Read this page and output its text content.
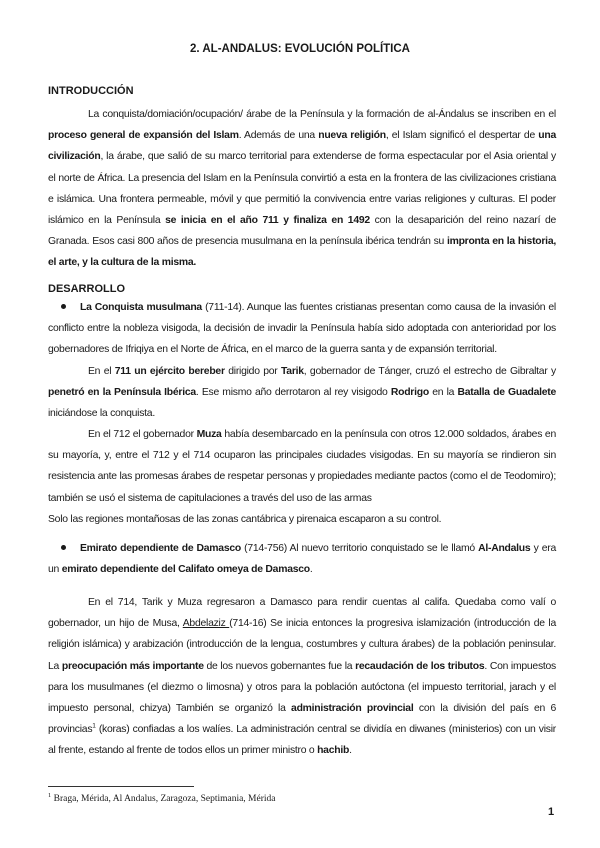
2. AL-ANDALUS: EVOLUCIÓN POLÍTICA
INTRODUCCIÓN
La conquista/domiación/ocupación/ árabe de la Península y la formación de al-Ándalus se inscriben en el proceso general de expansión del Islam. Además de una nueva religión, el Islam significó el despertar de una civilización, la árabe, que salió de su marco territorial para extenderse de forma espectacular por el Asia oriental y el norte de África. La presencia del Islam en la Península convirtió a esta en la frontera de las civilizaciones cristiana e islámica. Una frontera permeable, móvil y que permitió la convivencia entre varias religiones y culturas. El poder islámico en la Península se inicia en el año 711 y finaliza en 1492 con la desaparición del reino nazarí de Granada. Esos casi 800 años de presencia musulmana en la península ibérica tendrán su impronta en la historia, el arte, y la cultura de la misma.
DESARROLLO
La Conquista musulmana (711-14). Aunque las fuentes cristianas presentan como causa de la invasión el conflicto entre la nobleza visigoda, la decisión de invadir la Península había sido adoptada con anterioridad por los gobernadores de Ifriqiya en el Norte de África, en el marco de la guerra santa y de expansión territorial.
En el 711 un ejército bereber dirigido por Tarik, gobernador de Tánger, cruzó el estrecho de Gibraltar y penetró en la Península Ibérica. Ese mismo año derrotaron al rey visigodo Rodrigo en la Batalla de Guadalete iniciándose la conquista.
En el 712 el gobernador Muza había desembarcado en la península con otros 12.000 soldados, árabes en su mayoría, y, entre el 712 y el 714 ocuparon las principales ciudades visigodas. En su mayoría se rindieron sin resistencia ante las promesas árabes de respetar personas y propiedades mediante pactos (como el de Teodomiro); también se usó el sistema de capitulaciones a través del uso de las armas
Solo las regiones montañosas de las zonas cantábrica y pirenaica escaparon a su control.
Emirato dependiente de Damasco (714-756) Al nuevo territorio conquistado se le llamó Al-Andalus y era un emirato dependiente del Califato omeya de Damasco.
En el 714, Tarik y Muza regresaron a Damasco para rendir cuentas al califa. Quedaba como valí o gobernador, un hijo de Musa, Abdelaziz (714-16) Se inicia entonces la progresiva islamización (introducción de la religión islámica) y arabización (introducción de la lengua, costumbres y cultura árabes) de la población peninsular. La preocupación más importante de los nuevos gobernantes fue la recaudación de los tributos. Con impuestos para los musulmanes (el diezmo o limosna) y otros para la población autóctona (el impuesto territorial, jarach y el impuesto personal, chizya) También se organizó la administración provincial con la división del país en 6 provincias$^1$ (koras) confiadas a los walíes. La administración central se dividía en diwanes (ministerios) con un visir al frente, estando al frente de todos ellos un primer ministro o hachib.
$^1$ Braga, Mérida, Al Andalus, Zaragoza, Septimania, Mérida
1
